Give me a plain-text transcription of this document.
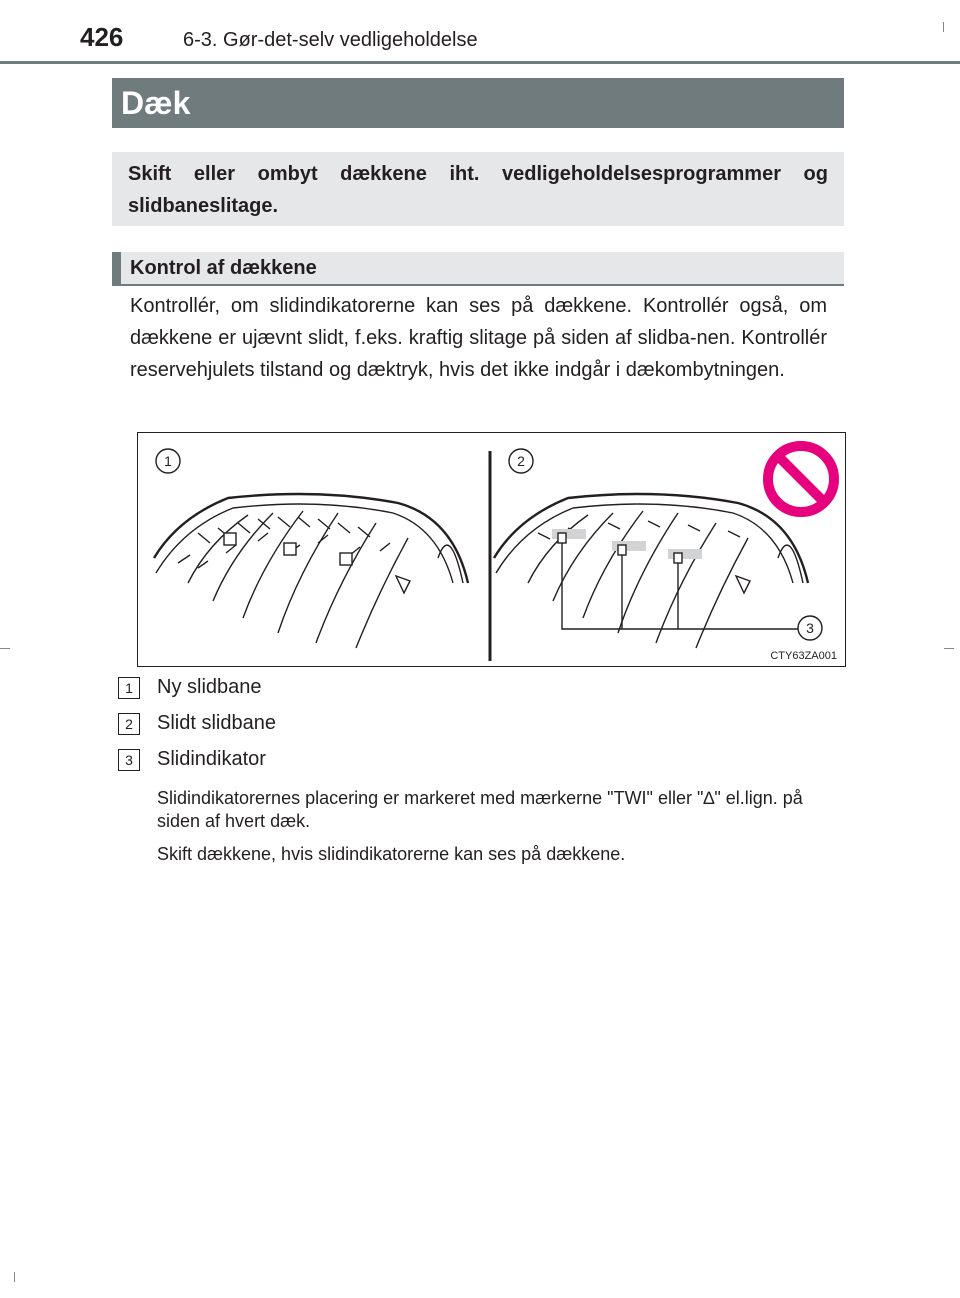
426	6-3. Gør-det-selv vedligeholdelse
Dæk
Skift eller ombyt dækkene iht. vedligeholdelsesprogrammer og slidbaneslitage.
Kontrol af dækkene
Kontrollér, om slidindikatorerne kan ses på dækkene. Kontrollér også, om dækkene er ujævnt slidt, f.eks. kraftig slitage på siden af slidba-nen. Kontrollér reservehjulets tilstand og dæktryk, hvis det ikke indgår i dækombytningen.
1	2
3
CTY63ZA001
1	Ny slidbane
2	Slidt slidbane
3	Slidindikator
Slidindikatorernes placering er markeret med mærkerne "TWI" eller "∆" el.lign. på siden af hvert dæk.
Skift dækkene, hvis slidindikatorerne kan ses på dækkene.
